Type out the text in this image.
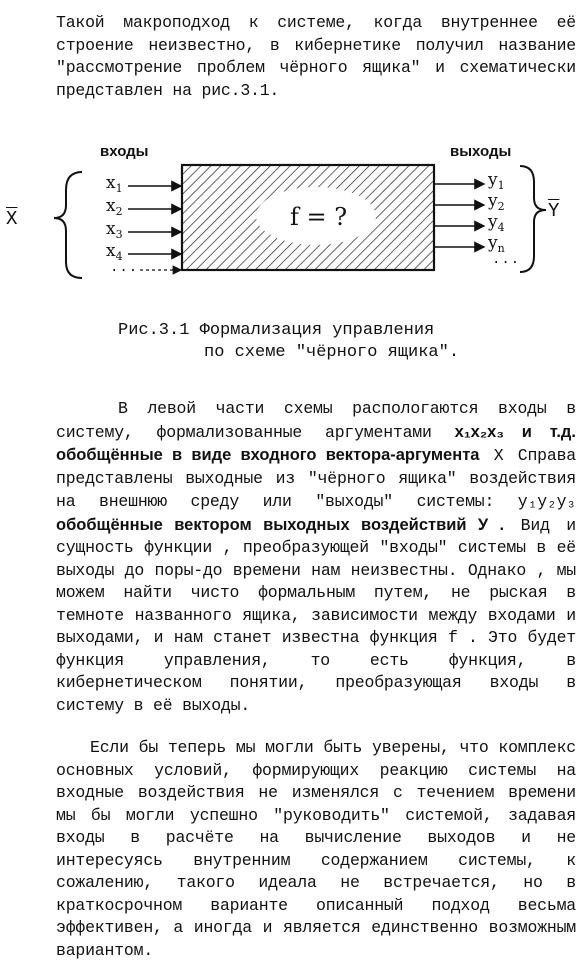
Такой макроподход к системе, когда внутреннее её строение неизвестно, в кибернетике получил название "рассмотрение проблем чёрного ящика" и схематически представлен на рис.3.1.
входы	выходы
$\overline{X}$	$\overline{Y}$
f = ?
$x_1$
$x_2$
$x_3$
$x_4$
...
$y_1$
$y_2$
$y_4$
$y_n$
...
Рис.3.1 Формализация управления
по схеме "чёрного ящика".
В левой части схемы распологаются входы в систему, формализованные аргументами x₁x₂x₃ и т.д. обобщённые в виде входного вектора-аргумента X Справа представлены выходные из "чёрного ящика" воздействия на внешнюю среду или "выходы" системы: y₁y₂y₃ обобщённые вектором выходных воздействий У . Вид и сущность функции , преобразующей "входы" системы в её выходы до поры-до времени нам неизвестны. Однако , мы можем найти чисто формальным путем, не рыская в темноте названного ящика, зависимости между входами и выходами, и нам станет известна функция f . Это будет функция управления, то есть функция, в кибернетическом понятии, преобразующая входы в систему в её выходы.
Если бы теперь мы могли быть уверены, что комплекс основных условий, формирующих реакцию системы на входные воздействия не изменялся с течением времени мы бы могли успешно "руководить" системой, задавая входы в расчёте на вычисление выходов и не интересуясь внутренним содержанием системы, к сожалению, такого идеала не встречается, но в краткосрочном варианте описанный подход весьма эффективен, а иногда и является единственно возможным вариантом.
